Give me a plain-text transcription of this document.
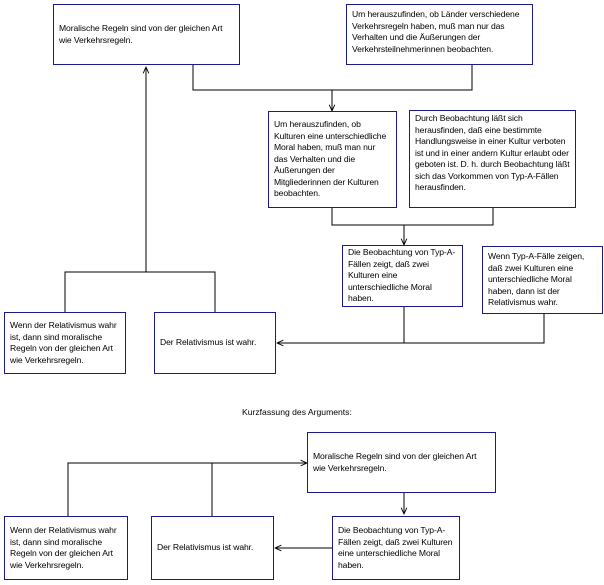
Moralische Regeln sind von der gleichen Art wie Verkehrsregeln.
Um herauszufinden, ob Länder verschiedene Verkehrsregeln haben, muß man nur das Verhalten und die Äußerungen der Verkehrsteilnehmerinnen beobachten.
Um herauszufinden, ob Kulturen eine unterschiedliche Moral haben, muß man nur das Verhalten und die Äußerungen der Mitgliederinnen der Kulturen beobachten.
Durch Beobachtung läßt sich herausfinden, daß eine bestimmte Handlungsweise in einer Kultur verboten ist und in einer andern Kultur erlaubt oder geboten ist. D. h. durch Beobachtung läßt sich das Vorkommen von Typ-A-Fällen herausfinden.
Die Beobachtung von Typ-A-Fällen zeigt, daß zwei Kulturen eine unterschiedliche Moral haben.
Wenn Typ-A-Fälle zeigen, daß zwei Kulturen eine unterschiedliche Moral haben, dann ist der Relativismus wahr.
Wenn der Relativismus wahr ist, dann sind moralische Regeln von der gleichen Art wie Verkehrsregeln.
Der Relativismus ist wahr.
Kurzfassung des Arguments:
Moralische Regeln sind von der gleichen Art wie Verkehrsregeln.
Wenn der Relativismus wahr ist, dann sind moralische Regeln von der gleichen Art wie Verkehrsregeln.
Der Relativismus ist wahr.
Die Beobachtung von Typ-A-Fällen zeigt, daß zwei Kulturen eine unterschiedliche Moral haben.
